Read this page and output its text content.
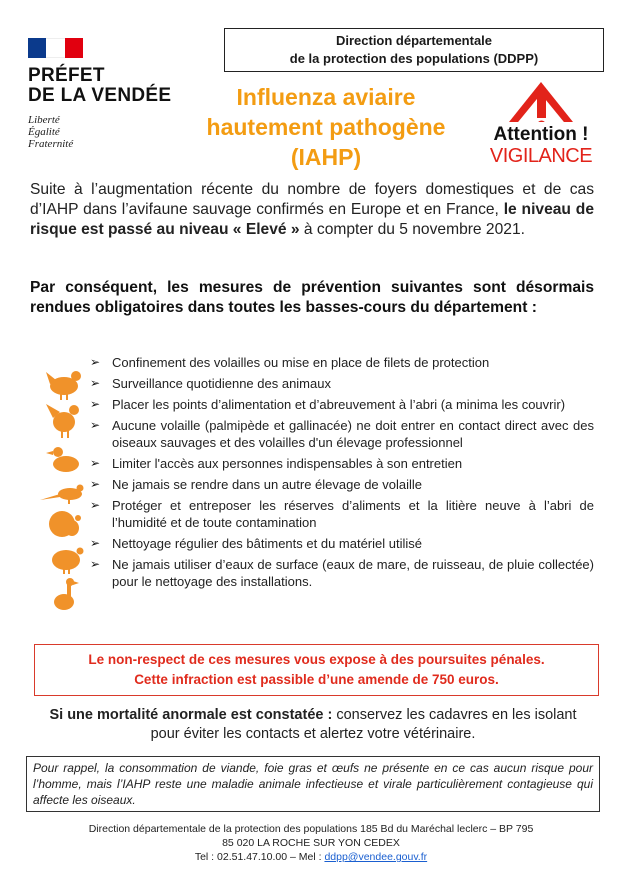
PRÉFET
DE LA VENDÉE
Liberté
Égalité
Fraternité
Direction départementale
de la protection des populations (DDPP)
Influenza aviaire
hautement pathogène
(IAHP)
Attention !
VIGILANCE

Suite à l’augmentation récente du nombre de foyers domestiques et de cas d’IAHP dans l’avifaune sauvage confirmés en Europe et en France, le niveau de risque est passé au niveau « Elevé » à compter du 5 novembre 2021.

Par conséquent, les mesures de prévention suivantes sont désormais rendues obligatoires dans toutes les basses-cours du département :

➢ Confinement des volailles ou mise en place de filets de protection
➢ Surveillance quotidienne des animaux
➢ Placer les points d’alimentation et d’abreuvement à l’abri (a minima les couvrir)
➢ Aucune volaille (palmipède et gallinacée) ne doit entrer en contact direct avec des oiseaux sauvages et des volailles d'un élevage professionnel
➢ Limiter l'accès aux personnes indispensables à son entretien
➢ Ne jamais se rendre dans un autre élevage de volaille
➢ Protéger et entreposer les réserves d’aliments et la litière neuve à l’abri de l’humidité et de toute contamination
➢ Nettoyage régulier des bâtiments et du matériel utilisé
➢ Ne jamais utiliser d’eaux de surface (eaux de mare, de ruisseau, de pluie collectée) pour le nettoyage des installations.
Le non-respect de ces mesures vous expose à des poursuites pénales.
Cette infraction est passible d’une amende de 750 euros.

Si une mortalité anormale est constatée : conservez les cadavres en les isolant pour éviter les contacts et alertez votre vétérinaire.

Pour rappel, la consommation de viande, foie gras et œufs ne présente en ce cas aucun risque pour l’homme, mais l’IAHP reste une maladie animale infectieuse et virale particulièrement contagieuse qui affecte les oiseaux.
Direction départementale de la protection des populations 185 Bd du Maréchal leclerc – BP 795
85 020 LA ROCHE SUR YON CEDEX
Tel : 02.51.47.10.00 – Mel : ddpp@vendee.gouv.fr
